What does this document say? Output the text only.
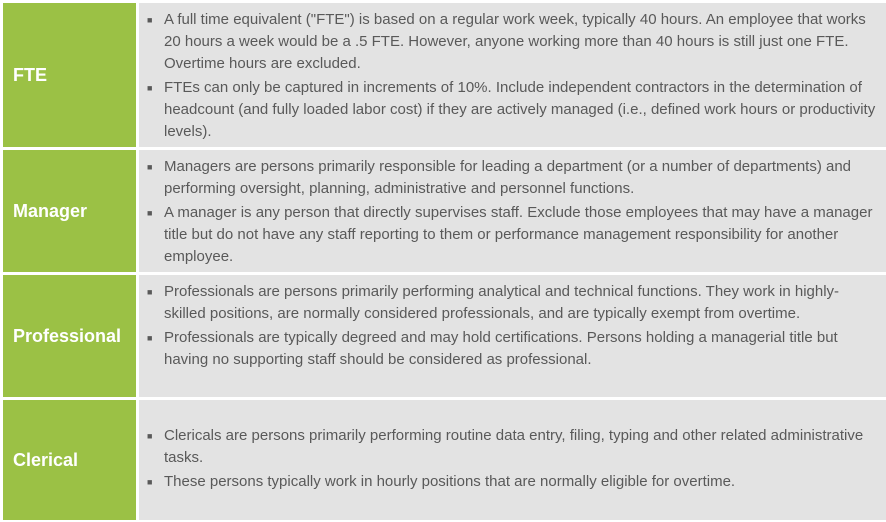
FTE
■ A full time equivalent ("FTE") is based on a regular work week, typically 40 hours. An employee that works 20 hours a week would be a .5 FTE. However, anyone working more than 40 hours is still just one FTE. Overtime hours are excluded.
■ FTEs can only be captured in increments of 10%. Include independent contractors in the determination of headcount (and fully loaded labor cost) if they are actively managed (i.e., defined work hours or productivity levels).
Manager
■ Managers are persons primarily responsible for leading a department (or a number of departments) and performing oversight, planning, administrative and personnel functions.
■ A manager is any person that directly supervises staff. Exclude those employees that may have a manager title but do not have any staff reporting to them or performance management responsibility for another employee.
Professional
■ Professionals are persons primarily performing analytical and technical functions. They work in highly-skilled positions, are normally considered professionals, and are typically exempt from overtime.
■ Professionals are typically degreed and may hold certifications. Persons holding a managerial title but having no supporting staff should be considered as professional.
Clerical
■ Clericals are persons primarily performing routine data entry, filing, typing and other related administrative tasks.
■ These persons typically work in hourly positions that are normally eligible for overtime.
